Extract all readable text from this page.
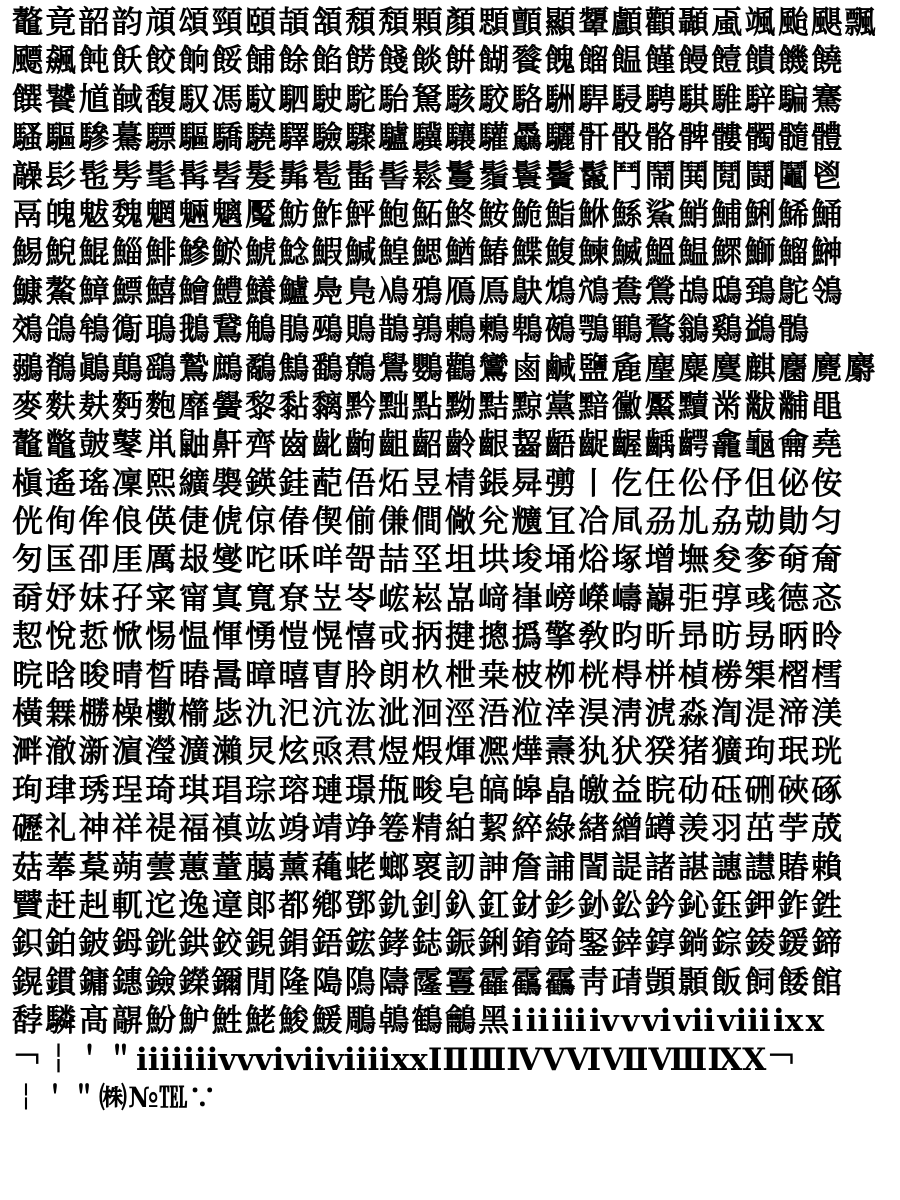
鼇竟韶韵頏頌頸頤頡頷頹頽顆顏顋顫顯顰顱顴顳颪颯颱颶飄
飃飆飩飫餃餉餒餔餘餡餝餞餤餠餬餮餽餾饂饉饅饐饋饑饒
饌饕馗馘馥馭馮馼駟駛駝駘駑駭駮駱駲駻駸騁騏騅騂騙騫
騷驅驂驀驃驅驕驍驛驗驟驢驥驤驩驫驪骭骰骼髀髏髑髓體
髞髟髢髣髦髯髫髮髴髱髷髻鬆鬘鬚鬟鬢鬣鬥鬧鬨鬩鬪鬮鬯
鬲魄魃魏魍魎魑魘魴鮓鮃鮑鮖鮗鮟鮠鮨鮴鯀鯊鮹鯆鯏鯑鯒
鯣鯢鯤鯔鯡鰺鯲鯱鯰鰕鰔鰉鰓鰌鰆鰈鰒鰊鰄鰮鰛鰥鰤鰡鰰
鱇鰲鱆鰾鱚鱠鱧鱶鱸鳧鳬鳰鴉鴈鳫鴃鴆鴪鴦鶯鴣鴟鵄鴕鴒
鵁鴿鴾鵆鵈鵝鵞鵤鵑鵐鵙鵲鶉鶇鶫鵯鵺鶚鶤鶩鶲鷄鷁鶻
鶸鶺鷆鷏鷂鷙鷓鷸鷦鷭鷯鷽鸚鸛鸞鹵鹹鹽麁麈麋麌麒麕麑麝
麥麩麸麪麭靡黌黎黏黐黔黜點黝黠黥黨黯黴黶黷黹黻黼黽
鼇鼈皷鼕鼡鼬鼾齊齒齔齣齟齠齡齦齧齬齪齷齲齶龕龜龠堯
槇遙瑤凜熙纊褜鍈銈蓜俉炻昱棈鋹曻彅丨仡仼伀伃伹佖侒
侊侚侔俍偀倢俿倞偆偰偂傔僴僘兊兤冝冾凬刕劜劦勀勛匀
匇匤卲厓厲叝燮咜咊咩哿喆坙坥垬埈埇焀塚增墲夋奓奛奝
奣妤妺孖寀甯寘寬尞岦岺峵崧嵓﨑嵂嵭嶸嶹巐弡弴彧德忞
恝悅悊惞惕愠惲愑愷愰憘戓抦揵摠撝擎敎昀昕昻昉昮昞昤
晥晗晙晴晳暙暠暲暿曺朎朗杦枻桒柀栁桄棏栟楨椦榘槢樰
橫橆橳橾櫢櫤毖氿汜沆汯泚洄涇浯涖涬淏淸淲淼渹湜渧渼
溿澈澵濵瀅瀇瀨炅炫焏焄煜煆煇凞燁燾犱犾猤猪獷玽珉珖
珣珒琇珵琦琪琩琮瑢璉璟甁畯皂皜皞皛皦益睆劯砡硎硤硺
礰礼神祥禔福禛竑竧靖竫箞精絈絜綷綠緖繒罇羡羽茁荢荿
菇菶葈蒴蕓蕙蕫﨟薰蘒蛯螂褱訒訷詹誧誾諟諸諶譓譿賰賴
贒赶赳軏迱逸遧郞都鄕鄧釚釗釞釭釮釤釥鈆鈐鈊鈺鉀鈼鉎
鉙鉑鈹鉧銧鉷鉸鋧鋗鋙鋐﨧鋕鋠鋓錥錡鋻﨨錞鋿錝錂鍰鍗
鎤鏆鏞鏸鐱鑅鑈閒隆﨩隝隯霳霻靃靍靏靑靕顗顥飯飼餧館
馞驎髙髜魵魲鮏鮱鮻鰀鵰鵫鶴鸙黑ⅰⅱⅲⅳⅴⅵⅶⅷⅸⅹ
￢￤＇＂ⅰⅱⅲⅳⅴⅵⅶⅷⅸⅹⅠⅡⅢⅣⅤⅥⅦⅧⅨⅩ￢
￤＇＂㈱№℡∵
